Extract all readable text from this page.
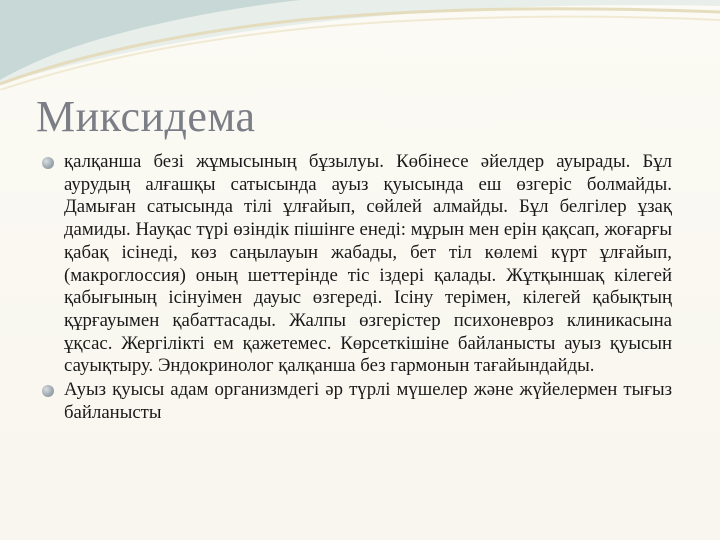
Миксидема
қалқанша безі жұмысының бұзылуы. Көбінесе әйелдер ауырады. Бұл аурудың алғашқы сатысында ауыз қуысында еш өзгеріс болмайды. Дамыған сатысында тілі ұлғайып, сөйлей алмайды. Бұл белгілер ұзақ дамиды. Науқас түрі өзіндік пішінге енеді: мұрын мен ерін қақсап, жоғарғы қабақ ісінеді, көз саңылауын жабады, бет тіл көлемі күрт ұлғайып, (макроглоссия) оның шеттерінде тіс іздері қалады. Жұтқыншақ кілегей қабығының ісінуімен дауыс өзгереді. Ісіну терімен, кілегей қабықтың құрғауымен қабаттасады. Жалпы өзгерістер психоневроз клиникасына ұқсас. Жергілікті ем қажетемес. Көрсеткішіне байланысты ауыз қуысын сауықтыру. Эндокринолог қалқанша без гармонын тағайындайды.
Ауыз қуысы адам организмдегі әр түрлі мүшелер және жүйелермен тығыз байланысты
